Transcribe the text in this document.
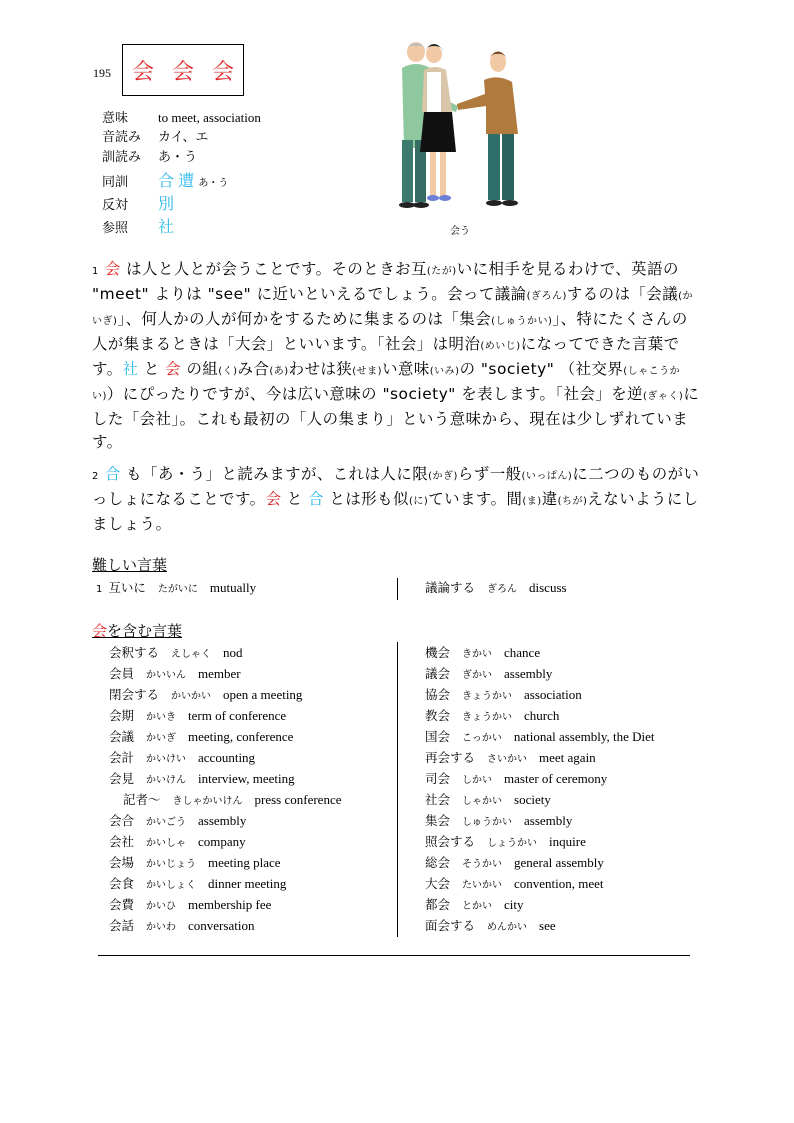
195 会 会 会
意味 to meet, association
音読み カイ、エ
訓読み あ・う
同訓 合 遭 あ・う
反対 別
参照 社	会う
1 会 は人と人とが会うことです。そのときお互(たが)いに相手を見るわけで、英語の "meet" よりは "see" に近いといえるでしょう。会って議論(ぎろん)するのは「会議(かいぎ)」、何人かの人が何かをするために集まるのは「集会(しゅうかい)」、特にたくさんの人が集まるときは「大会」といいます。「社会」は明治(めいじ)になってできた言葉です。社 と 会 の組(く)み合(あ)わせは狭(せま)い意味(いみ)の "society" （社交界(しゃこうかい)）にぴったりですが、今は広い意味の "society" を表します。「社会」を逆(ぎゃく)にした「会社」。これも最初の「人の集まり」という意味から、現在は少しずれています。
2 合 も「あ・う」と読みますが、これは人に限(かぎ)らず一般(いっぱん)に二つのものがいっしょになることです。会 と 合 とは形も似(に)ています。間(ま)違(ちが)えないようにしましょう。
難しい言葉
1 互いに たがいに mutually	議論する ぎろん discuss
会を含む言葉
会釈する えしゃく nod
会員 かいいん member
閉会する かいかい open a meeting
会期 かいき term of conference
会議 かいぎ meeting, conference
会計 かいけい accounting
会見 かいけん interview, meeting
記者〜 きしゃかいけん press conference
会合 かいごう assembly
会社 かいしゃ company
会場 かいじょう meeting place
会食 かいしょく dinner meeting
会費 かいひ membership fee
会話 かいわ conversation
機会 きかい chance
議会 ぎかい assembly
協会 きょうかい association
教会 きょうかい church
国会 こっかい national assembly, the Diet
再会する さいかい meet again
司会 しかい master of ceremony
社会 しゃかい society
集会 しゅうかい assembly
照会する しょうかい inquire
総会 そうかい general assembly
大会 たいかい convention, meet
都会 とかい city
面会する めんかい see
